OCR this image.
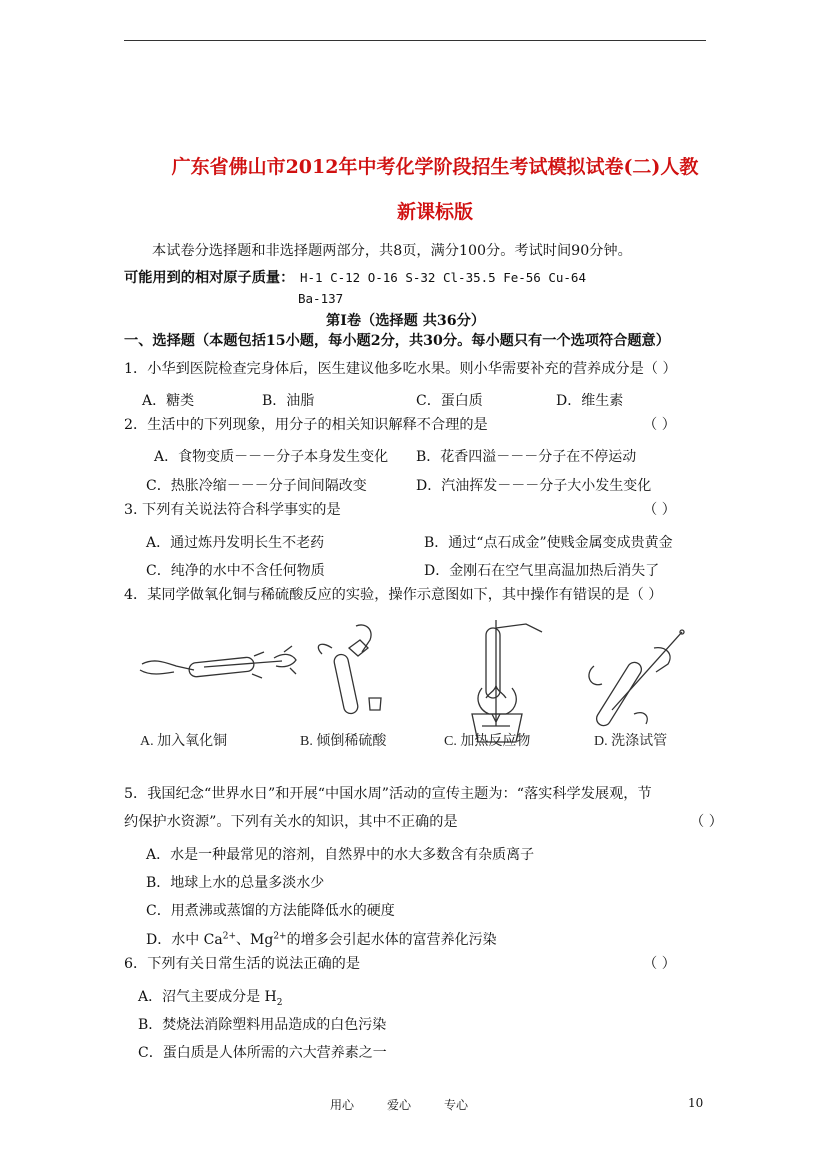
广东省佛山市2012年中考化学阶段招生考试模拟试卷(二)人教
新课标版
本试卷分选择题和非选择题两部分，共8页，满分100分。考试时间90分钟。
可能用到的相对原子质量： H-1 C-12 O-16 S-32 Cl-35.5 Fe-56 Cu-64
Ba-137
第Ⅰ卷（选择题 共36分）
一、选择题（本题包括15小题，每小题2分，共30分。每小题只有一个选项符合题意）
1．小华到医院检查完身体后，医生建议他多吃水果。则小华需要补充的营养成分是（ ）
A．糖类	B．油脂	C．蛋白质	D．维生素
2．生活中的下列现象，用分子的相关知识解释不合理的是	（ ）
A．食物变质－－－分子本身发生变化 B．花香四溢－－－分子在不停运动
C．热胀冷缩－－－分子间间隔改变	D．汽油挥发－－－分子大小发生变化
3. 下列有关说法符合科学事实的是	（ ）
A．通过炼丹发明长生不老药	B．通过“点石成金”使贱金属变成贵黄金
C．纯净的水中不含任何物质	D．金刚石在空气里高温加热后消失了
4．某同学做氧化铜与稀硫酸反应的实验，操作示意图如下，其中操作有错误的是（ ）
A. 加入氧化铜	B. 倾倒稀硫酸	C. 加热反应物	D. 洗涤试管
5．我国纪念“世界水日”和开展“中国水周”活动的宣传主题为：“落实科学发展观，节
约保护水资源”。下列有关水的知识，其中不正确的是	（ ）
A．水是一种最常见的溶剂，自然界中的水大多数含有杂质离子
B．地球上水的总量多淡水少
C．用煮沸或蒸馏的方法能降低水的硬度
D．水中 $Ca^{2+}$、$Mg^{2+}$的增多会引起水体的富营养化污染
6．下列有关日常生活的说法正确的是	（ ）
A．沼气主要成分是 $H_2$
B．焚烧法消除塑料用品造成的白色污染
C．蛋白质是人体所需的六大营养素之一
用心	爱心	专心	10
